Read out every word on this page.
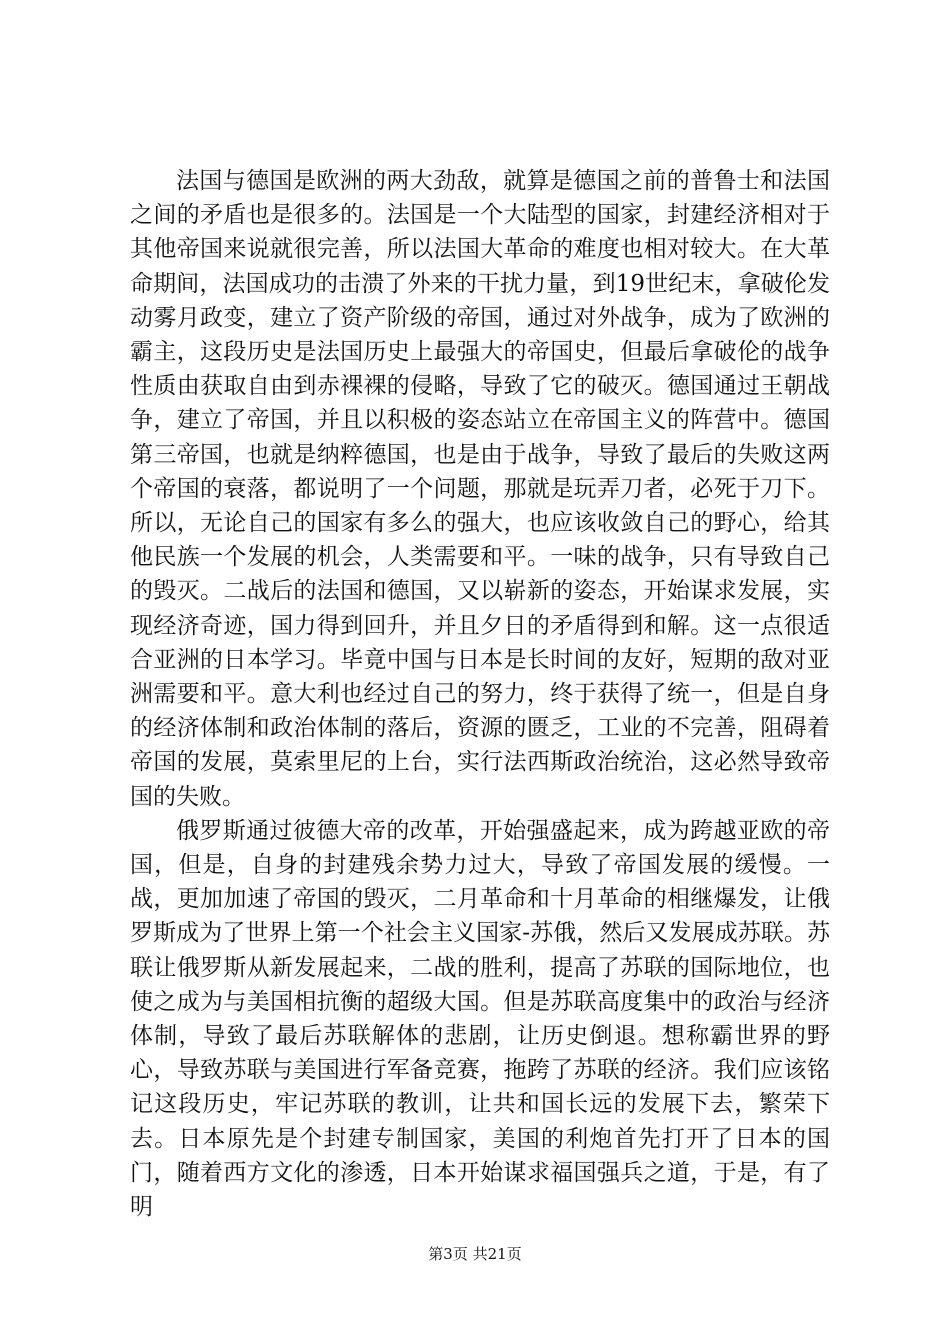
法国与德国是欧洲的两大劲敌，就算是德国之前的普鲁士和法国之间的矛盾也是很多的。法国是一个大陆型的国家，封建经济相对于其他帝国来说就很完善，所以法国大革命的难度也相对较大。在大革命期间，法国成功的击溃了外来的干扰力量，到19世纪末，拿破伦发动雾月政变，建立了资产阶级的帝国，通过对外战争，成为了欧洲的霸主，这段历史是法国历史上最强大的帝国史，但最后拿破伦的战争性质由获取自由到赤裸裸的侵略，导致了它的破灭。德国通过王朝战争，建立了帝国，并且以积极的姿态站立在帝国主义的阵营中。德国第三帝国，也就是纳粹德国，也是由于战争，导致了最后的失败这两个帝国的衰落，都说明了一个问题，那就是玩弄刀者，必死于刀下。所以，无论自己的国家有多么的强大，也应该收敛自己的野心，给其他民族一个发展的机会，人类需要和平。一味的战争，只有导致自己的毁灭。二战后的法国和德国，又以崭新的姿态，开始谋求发展，实现经济奇迹，国力得到回升，并且夕日的矛盾得到和解。这一点很适合亚洲的日本学习。毕竟中国与日本是长时间的友好，短期的敌对亚洲需要和平。意大利也经过自己的努力，终于获得了统一，但是自身的经济体制和政治体制的落后，资源的匮乏，工业的不完善，阻碍着帝国的发展，莫索里尼的上台，实行法西斯政治统治，这必然导致帝国的失败。

俄罗斯通过彼德大帝的改革，开始强盛起来，成为跨越亚欧的帝国，但是，自身的封建残余势力过大，导致了帝国发展的缓慢。一战，更加加速了帝国的毁灭，二月革命和十月革命的相继爆发，让俄罗斯成为了世界上第一个社会主义国家-苏俄，然后又发展成苏联。苏联让俄罗斯从新发展起来，二战的胜利，提高了苏联的国际地位，也使之成为与美国相抗衡的超级大国。但是苏联高度集中的政治与经济体制，导致了最后苏联解体的悲剧，让历史倒退。想称霸世界的野心，导致苏联与美国进行军备竞赛，拖跨了苏联的经济。我们应该铭记这段历史，牢记苏联的教训，让共和国长远的发展下去，繁荣下去。日本原先是个封建专制国家，美国的利炮首先打开了日本的国门，随着西方文化的渗透，日本开始谋求福国强兵之道，于是，有了明

第3页 共21页
